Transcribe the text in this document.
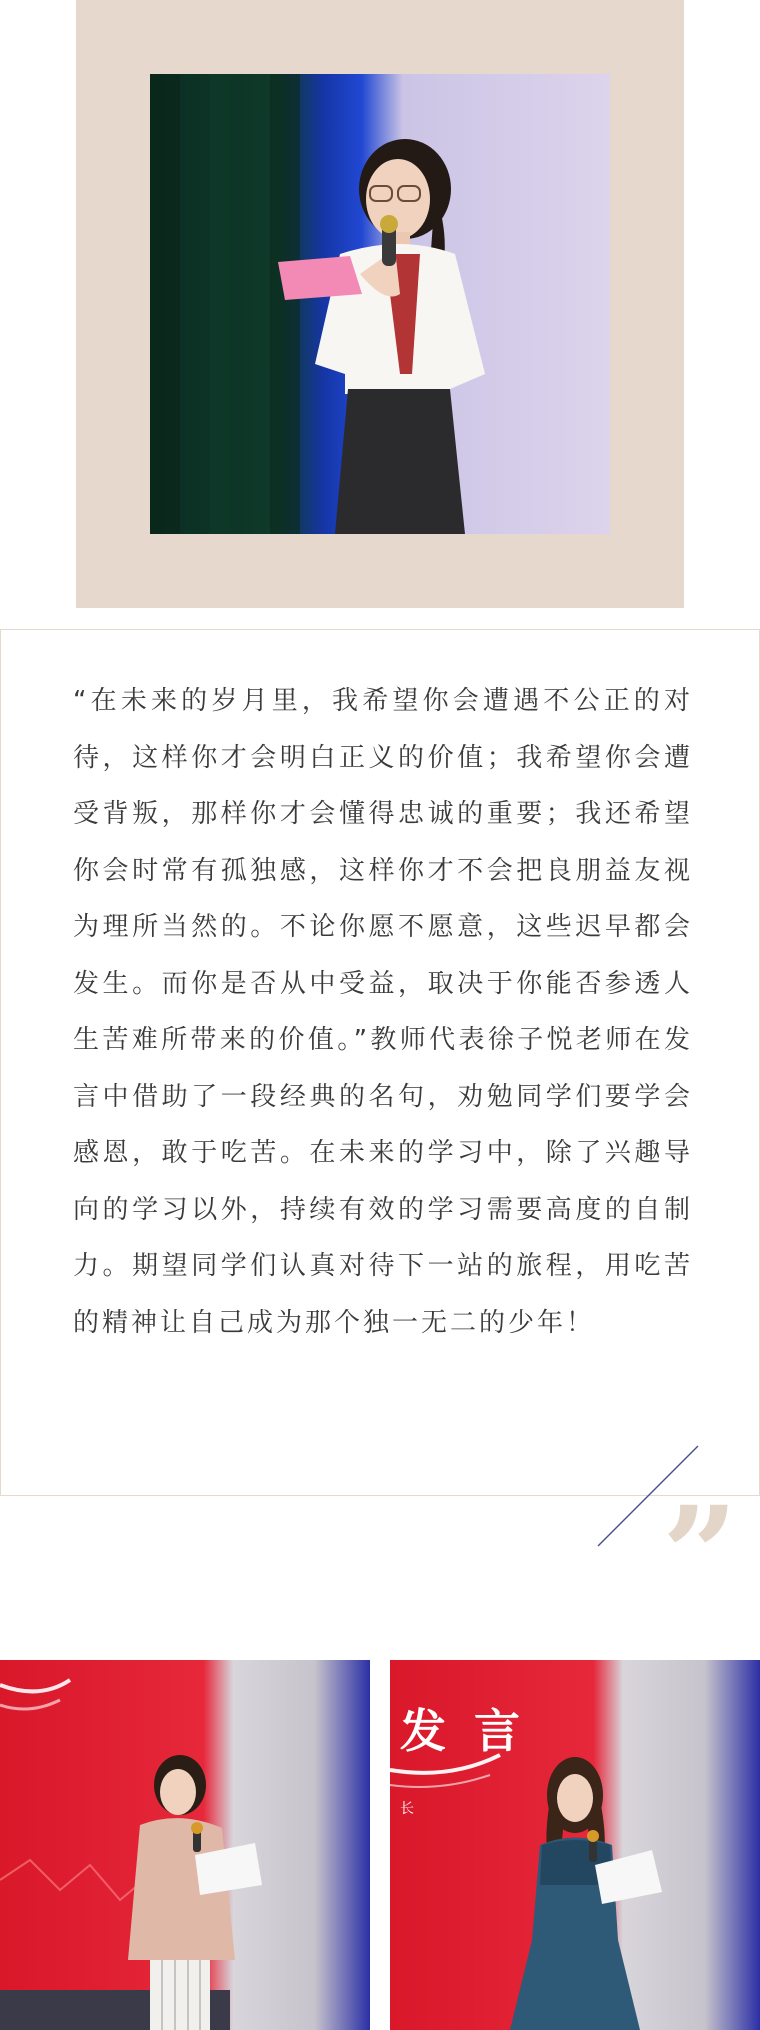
“在未来的岁月里，我希望你会遭遇不公正的对待，这样你才会明白正义的价值；我希望你会遭受背叛，那样你才会懂得忠诚的重要；我还希望你会时常有孤独感，这样你才不会把良朋益友视为理所当然的。不论你愿不愿意，这些迟早都会发生。而你是否从中受益，取决于你能否参透人生苦难所带来的价值。”教师代表徐子悦老师在发言中借助了一段经典的名句，劝勉同学们要学会感恩，敢于吃苦。在未来的学习中，除了兴趣导向的学习以外，持续有效的学习需要高度的自制力。期望同学们认真对待下一站的旅程，用吃苦的精神让自己成为那个独一无二的少年！

”
发 言
长
